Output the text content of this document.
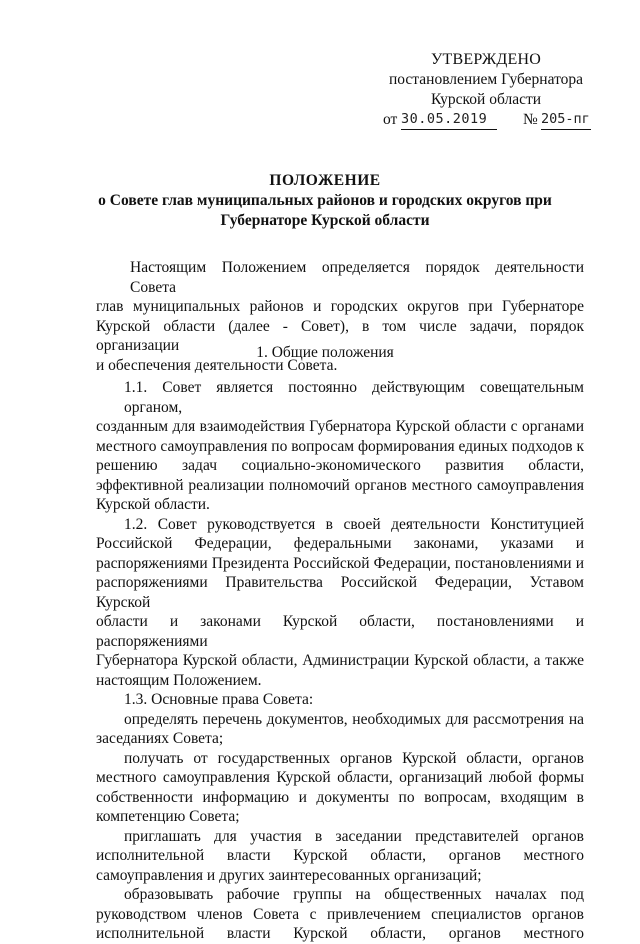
УТВЕРЖДЕНО
постановлением Губернатора
Курской области
от 30.05.2019	№ 205-пг
ПОЛОЖЕНИЕ
о Совете глав муниципальных районов и городских округов при
Губернаторе Курской области
Настоящим Положением определяется порядок деятельности Совета
глав муниципальных районов и городских округов при Губернаторе
Курской области (далее - Совет), в том числе задачи, порядок организации
и обеспечения деятельности Совета.
1. Общие положения
1.1. Совет является постоянно действующим совещательным органом,
созданным для взаимодействия Губернатора Курской области с органами
местного самоуправления по вопросам формирования единых подходов к
решению задач социально-экономического развития области,
эффективной реализации полномочий органов местного самоуправления
Курской области.
1.2. Совет руководствуется в своей деятельности Конституцией
Российской Федерации, федеральными законами, указами и
распоряжениями Президента Российской Федерации, постановлениями и
распоряжениями Правительства Российской Федерации, Уставом Курской
области и законами Курской области, постановлениями и распоряжениями
Губернатора Курской области, Администрации Курской области, а также
настоящим Положением.
1.3. Основные права Совета:
определять перечень документов, необходимых для рассмотрения на
заседаниях Совета;
получать от государственных органов Курской области, органов
местного самоуправления Курской области, организаций любой формы
собственности информацию и документы по вопросам, входящим в
компетенцию Совета;
приглашать для участия в заседании представителей органов
исполнительной власти Курской области, органов местного
самоуправления и других заинтересованных организаций;
образовывать рабочие группы на общественных началах под
руководством членов Совета с привлечением специалистов органов
исполнительной власти Курской области, органов местного
